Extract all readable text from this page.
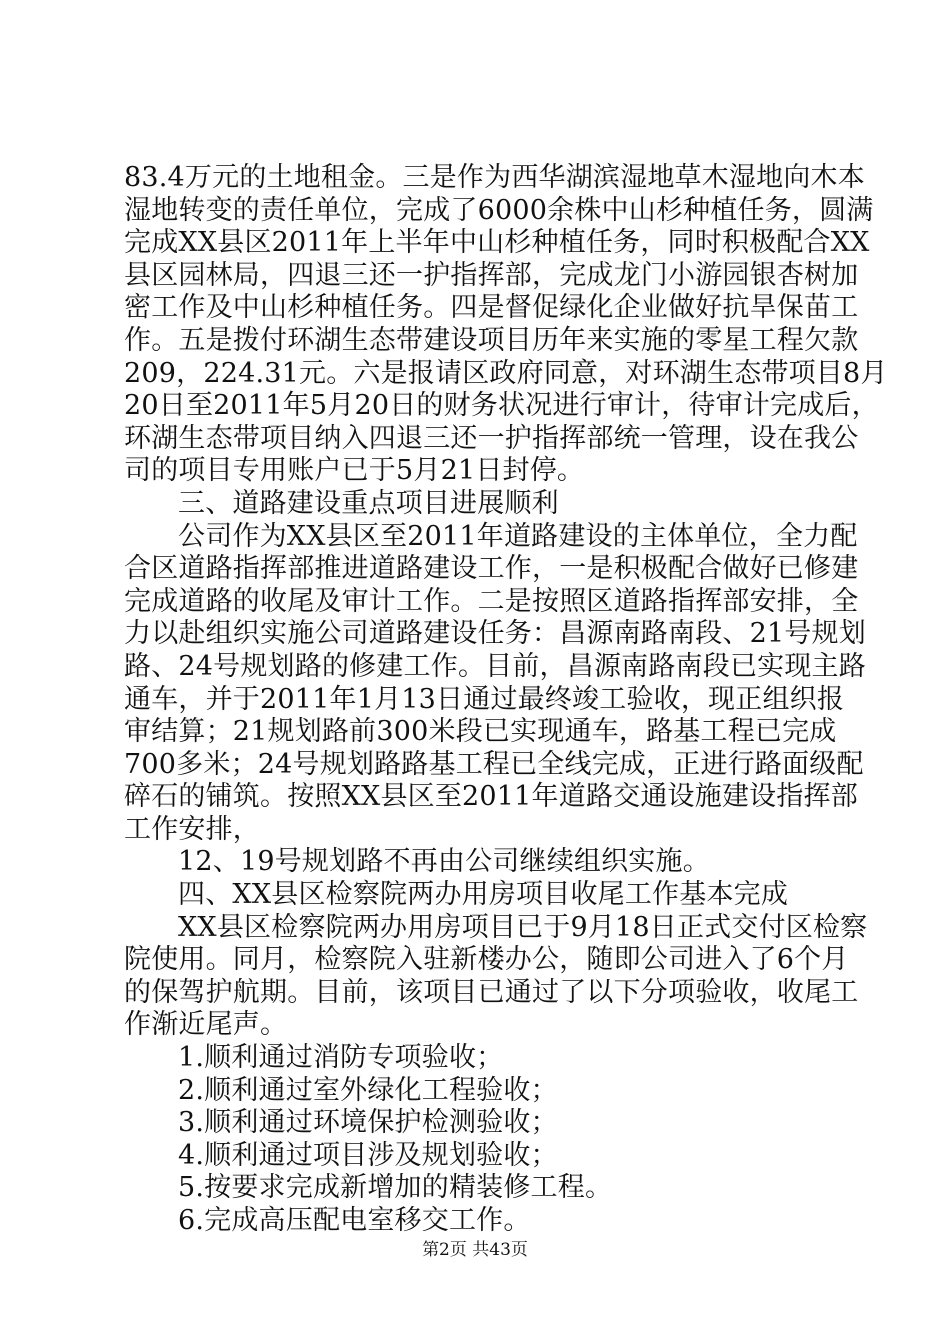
83.4万元的土地租金。三是作为西华湖滨湿地草木湿地向木本
湿地转变的责任单位，完成了6000余株中山杉种植任务，圆满
完成XX县区2011年上半年中山杉种植任务，同时积极配合XX
县区园林局，四退三还一护指挥部，完成龙门小游园银杏树加
密工作及中山杉种植任务。四是督促绿化企业做好抗旱保苗工
作。五是拨付环湖生态带建设项目历年来实施的零星工程欠款
209，224.31元。六是报请区政府同意，对环湖生态带项目8月
20日至2011年5月20日的财务状况进行审计，待审计完成后，
环湖生态带项目纳入四退三还一护指挥部统一管理，设在我公
司的项目专用账户已于5月21日封停。
三、道路建设重点项目进展顺利
公司作为XX县区至2011年道路建设的主体单位，全力配
合区道路指挥部推进道路建设工作，一是积极配合做好已修建
完成道路的收尾及审计工作。二是按照区道路指挥部安排，全
力以赴组织实施公司道路建设任务：昌源南路南段、21号规划
路、24号规划路的修建工作。目前，昌源南路南段已实现主路
通车，并于2011年1月13日通过最终竣工验收，现正组织报
审结算；21规划路前300米段已实现通车，路基工程已完成
700多米；24号规划路路基工程已全线完成，正进行路面级配
碎石的铺筑。按照XX县区至2011年道路交通设施建设指挥部
工作安排，
12、19号规划路不再由公司继续组织实施。
四、XX县区检察院两办用房项目收尾工作基本完成
XX县区检察院两办用房项目已于9月18日正式交付区检察
院使用。同月，检察院入驻新楼办公，随即公司进入了6个月
的保驾护航期。目前，该项目已通过了以下分项验收，收尾工
作渐近尾声。
1.顺利通过消防专项验收；
2.顺利通过室外绿化工程验收；
3.顺利通过环境保护检测验收；
4.顺利通过项目涉及规划验收；
5.按要求完成新增加的精装修工程。
6.完成高压配电室移交工作。
第2页 共43页
